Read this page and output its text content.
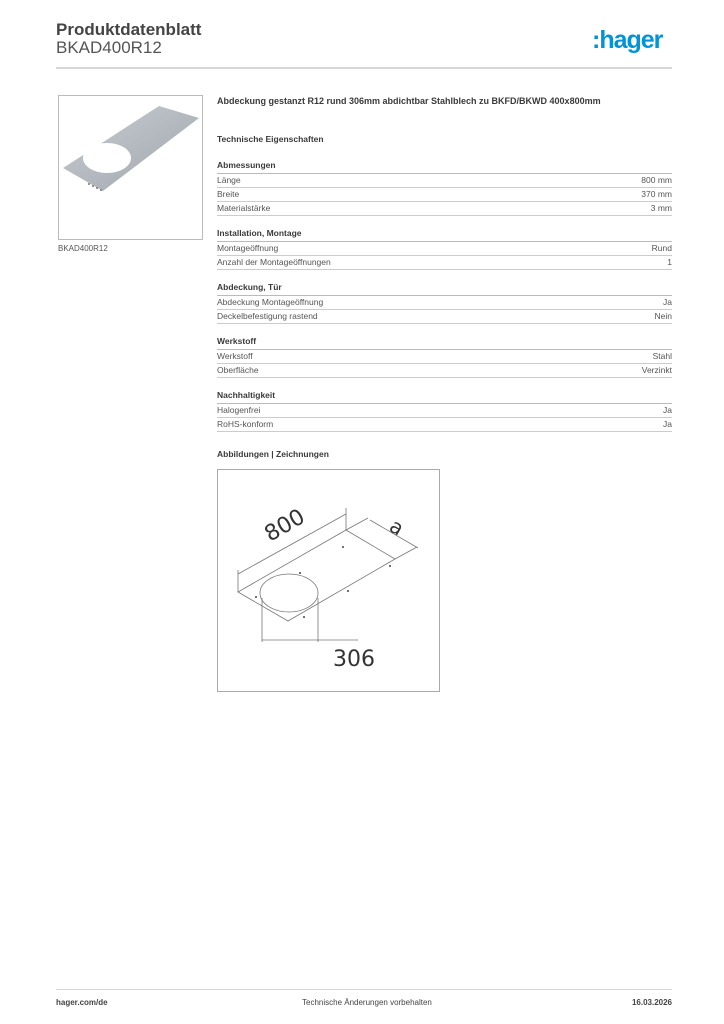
Produktdatenblatt
BKAD400R12	:hager
BKAD400R12
Abdeckung gestanzt R12 rund 306mm abdichtbar Stahlblech zu BKFD/BKWD 400x800mm
Technische Eigenschaften
Abmessungen
Länge	800 mm
Breite	370 mm
Materialstärke	3 mm
Installation, Montage
Montageöffnung	Rund
Anzahl der Montageöffnungen	1
Abdeckung, Tür
Abdeckung Montageöffnung	Ja
Deckelbefestigung rastend	Nein
Werkstoff
Werkstoff	Stahl
Oberfläche	Verzinkt
Nachhaltigkeit
Halogenfrei	Ja
RoHS-konform	Ja
Abbildungen | Zeichnungen
800	a
306
hager.com/de	Technische Änderungen vorbehalten	16.03.2026
